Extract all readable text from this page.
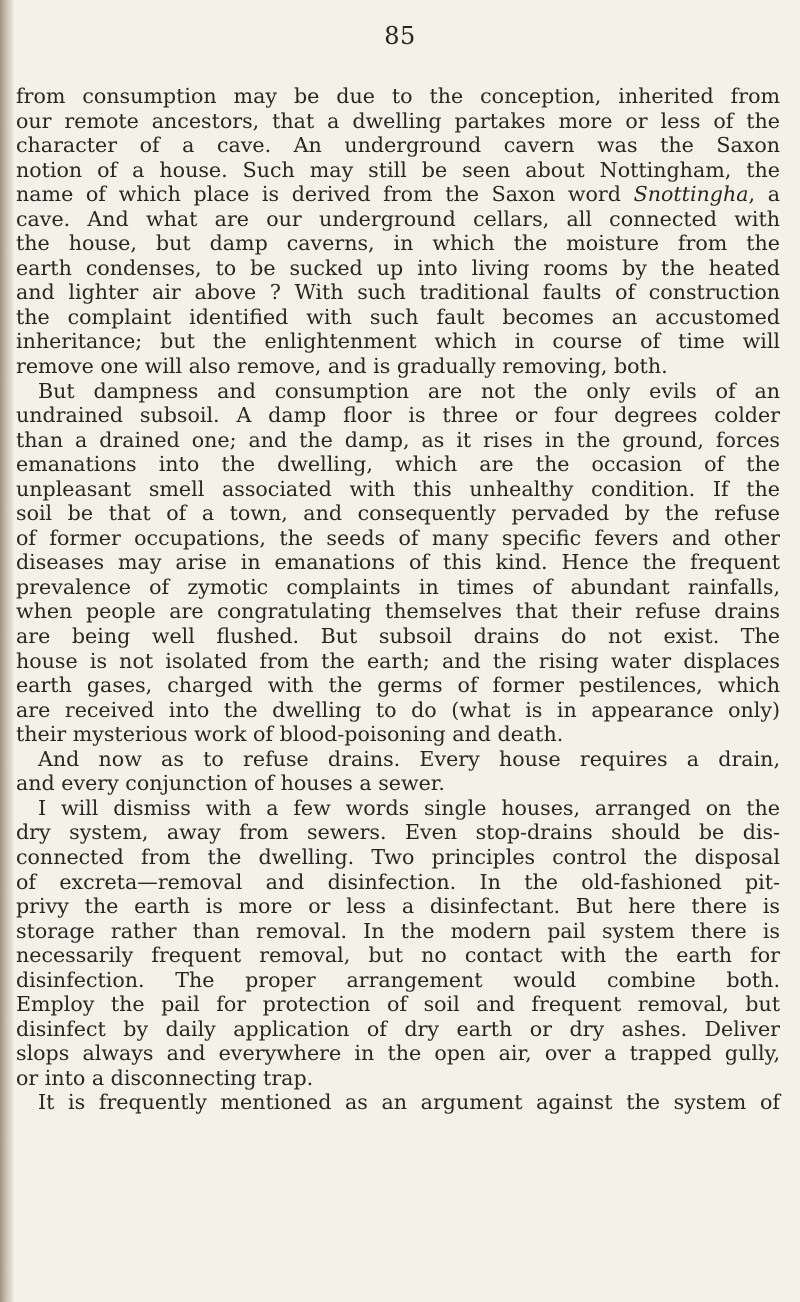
85
from consumption may be due to the conception, inherited from
our remote ancestors, that a dwelling partakes more or less of the
character of a cave. An underground cavern was the Saxon
notion of a house. Such may still be seen about Nottingham, the
name of which place is derived from the Saxon word Snottingha, a
cave. And what are our underground cellars, all connected with
the house, but damp caverns, in which the moisture from the
earth condenses, to be sucked up into living rooms by the heated
and lighter air above ? With such traditional faults of construction
the complaint identified with such fault becomes an accustomed
inheritance; but the enlightenment which in course of time will
remove one will also remove, and is gradually removing, both.
But dampness and consumption are not the only evils of an
undrained subsoil. A damp floor is three or four degrees colder
than a drained one; and the damp, as it rises in the ground, forces
emanations into the dwelling, which are the occasion of the
unpleasant smell associated with this unhealthy condition. If the
soil be that of a town, and consequently pervaded by the refuse
of former occupations, the seeds of many specific fevers and other
diseases may arise in emanations of this kind. Hence the frequent
prevalence of zymotic complaints in times of abundant rainfalls,
when people are congratulating themselves that their refuse drains
are being well flushed. But subsoil drains do not exist. The
house is not isolated from the earth; and the rising water displaces
earth gases, charged with the germs of former pestilences, which
are received into the dwelling to do (what is in appearance only)
their mysterious work of blood-poisoning and death.
And now as to refuse drains. Every house requires a drain,
and every conjunction of houses a sewer.
I will dismiss with a few words single houses, arranged on the
dry system, away from sewers. Even stop-drains should be dis-
connected from the dwelling. Two principles control the disposal
of excreta—removal and disinfection. In the old-fashioned pit-
privy the earth is more or less a disinfectant. But here there is
storage rather than removal. In the modern pail system there is
necessarily frequent removal, but no contact with the earth for
disinfection. The proper arrangement would combine both.
Employ the pail for protection of soil and frequent removal, but
disinfect by daily application of dry earth or dry ashes. Deliver
slops always and everywhere in the open air, over a trapped gully,
or into a disconnecting trap.
It is frequently mentioned as an argument against the system of
